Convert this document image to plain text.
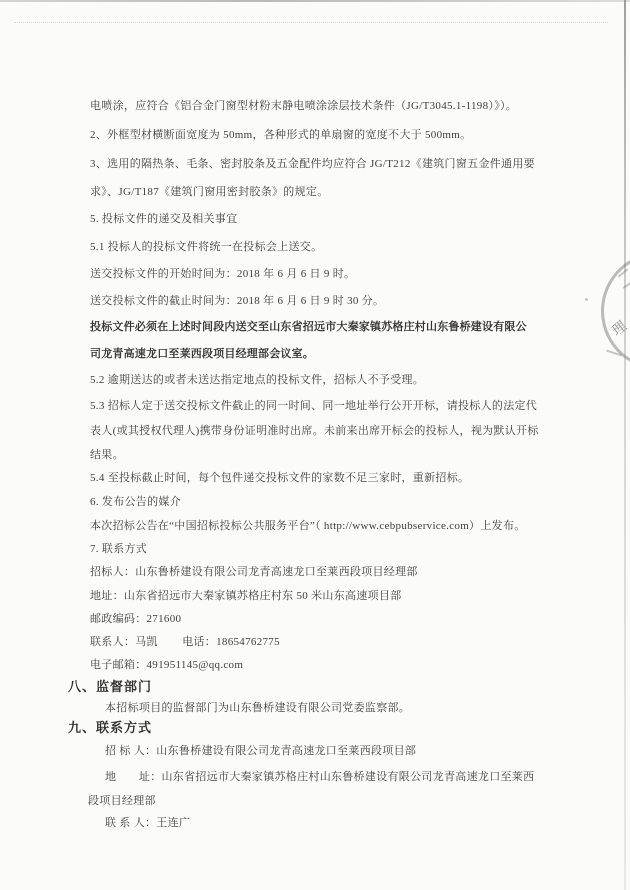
电喷涂，应符合《铝合金门窗型材粉末静电喷涂涂层技术条件（JG/T3045.1-1198）》）。

2、外框型材横断面宽度为 50mm，各种形式的单扇窗的宽度不大于 500mm。

3、选用的隔热条、毛条、密封胶条及五金配件均应符合 JG/T212《建筑门窗五金件通用要

求》、JG/T187《建筑门窗用密封胶条》的规定。

5. 投标文件的递交及相关事宜

5.1 投标人的投标文件将统一在投标会上送交。

送交投标文件的开始时间为：2018 年 6 月 6 日 9 时。

送交投标文件的截止时间为：2018 年 6 月 6 日 9 时 30 分。

投标文件必须在上述时间段内送交至山东省招远市大秦家镇苏格庄村山东鲁桥建设有限公

司龙青高速龙口至莱西段项目经理部会议室。

5.2 逾期送达的或者未送达指定地点的投标文件，招标人不予受理。

5.3 招标人定于送交投标文件截止的同一时间、同一地址举行公开开标，请投标人的法定代

表人(或其授权代理人)携带身份证明准时出席。未前来出席开标会的投标人，视为默认开标

结果。

5.4 至投标截止时间，每个包件递交投标文件的家数不足三家时，重新招标。

6. 发布公告的媒介

本次招标公告在“中国招标投标公共服务平台”（ http://www.cebpubservice.com）上发布。

7. 联系方式

招标人：山东鲁桥建设有限公司龙青高速龙口至莱西段项目经理部

地址：山东省招远市大秦家镇苏格庄村东 50 米山东高速项目部

邮政编码：271600

联系人：马凯        电话：18654762775

电子邮箱：491951145@qq.com

八、监督部门

本招标项目的监督部门为山东鲁桥建设有限公司党委监察部。

九、联系方式

招 标 人：山东鲁桥建设有限公司龙青高速龙口至莱西段项目部

地　　址：山东省招远市大秦家镇苏格庄村山东鲁桥建设有限公司龙青高速龙口至莱西

段项目经理部

联 系 人：王连广

理
